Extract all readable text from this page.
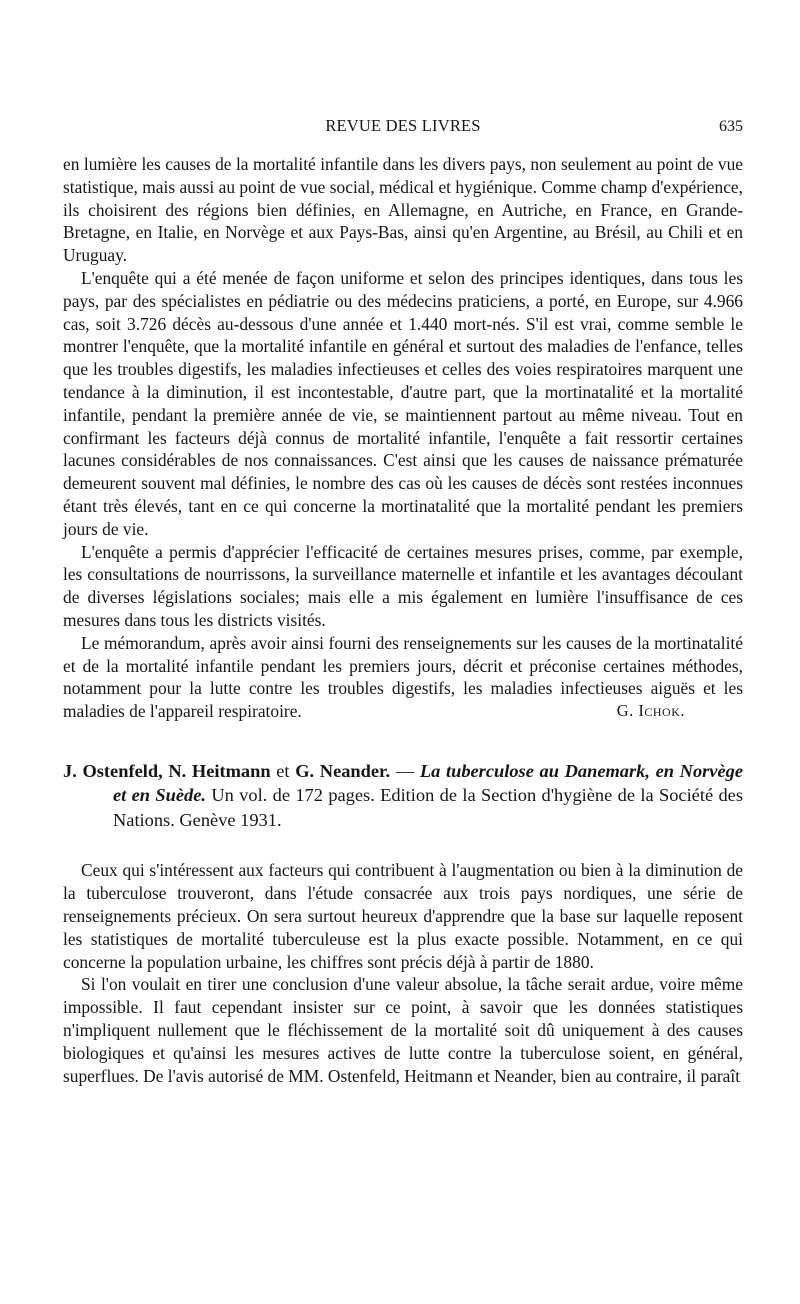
REVUE DES LIVRES	635

en lumière les causes de la mortalité infantile dans les divers pays, non seulement au point de vue statistique, mais aussi au point de vue social, médical et hygiénique. Comme champ d'expérience, ils choisirent des régions bien définies, en Allemagne, en Autriche, en France, en Grande-Bretagne, en Italie, en Norvège et aux Pays-Bas, ainsi qu'en Argentine, au Brésil, au Chili et en Uruguay.

L'enquête qui a été menée de façon uniforme et selon des principes identiques, dans tous les pays, par des spécialistes en pédiatrie ou des médecins praticiens, a porté, en Europe, sur 4.966 cas, soit 3.726 décès au-dessous d'une année et 1.440 mort-nés. S'il est vrai, comme semble le montrer l'enquête, que la mortalité infantile en général et surtout des maladies de l'enfance, telles que les troubles digestifs, les maladies infectieuses et celles des voies respiratoires marquent une tendance à la diminution, il est incontestable, d'autre part, que la mortinatalité et la mortalité infantile, pendant la première année de vie, se maintiennent partout au même niveau. Tout en confirmant les facteurs déjà connus de mortalité infantile, l'enquête a fait ressortir certaines lacunes considérables de nos connaissances. C'est ainsi que les causes de naissance prématurée demeurent souvent mal définies, le nombre des cas où les causes de décès sont restées inconnues étant très élevés, tant en ce qui concerne la mortinatalité que la mortalité pendant les premiers jours de vie.

L'enquête a permis d'apprécier l'efficacité de certaines mesures prises, comme, par exemple, les consultations de nourrissons, la surveillance maternelle et infantile et les avantages découlant de diverses législations sociales; mais elle a mis également en lumière l'insuffisance de ces mesures dans tous les districts visités.

Le mémorandum, après avoir ainsi fourni des renseignements sur les causes de la mortinatalité et de la mortalité infantile pendant les premiers jours, décrit et préconise certaines méthodes, notamment pour la lutte contre les troubles digestifs, les maladies infectieuses aiguës et les maladies de l'appareil respiratoire.	G. Ichok.
J. Ostenfeld, N. Heitmann et G. Neander. — La tuberculose au Danemark, en Norvège et en Suède. Un vol. de 172 pages. Edition de la Section d'hygiène de la Société des Nations. Genève 1931.

Ceux qui s'intéressent aux facteurs qui contribuent à l'augmentation ou bien à la diminution de la tuberculose trouveront, dans l'étude consacrée aux trois pays nordiques, une série de renseignements précieux. On sera surtout heureux d'apprendre que la base sur laquelle reposent les statistiques de mortalité tuberculeuse est la plus exacte possible. Notamment, en ce qui concerne la population urbaine, les chiffres sont précis déjà à partir de 1880.

Si l'on voulait en tirer une conclusion d'une valeur absolue, la tâche serait ardue, voire même impossible. Il faut cependant insister sur ce point, à savoir que les données statistiques n'impliquent nullement que le fléchissement de la mortalité soit dû uniquement à des causes biologiques et qu'ainsi les mesures actives de lutte contre la tuberculose soient, en général, superflues. De l'avis autorisé de MM. Ostenfeld, Heitmann et Neander, bien au contraire, il paraît
